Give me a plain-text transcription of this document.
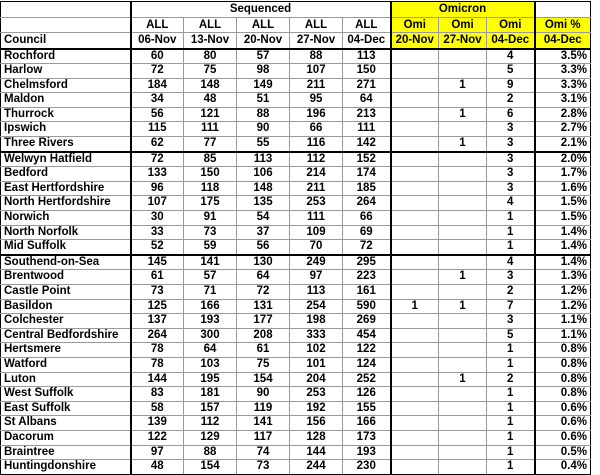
	Sequenced					Omicron			
	ALL	ALL	ALL	ALL	ALL	Omi	Omi	Omi	Omi %
Council	06-Nov	13-Nov	20-Nov	27-Nov	04-Dec	20-Nov	27-Nov	04-Dec	04-Dec
Rochford	60	80	57	88	113			4	3.5%
Harlow	72	75	98	107	150			5	3.3%
Chelmsford	184	148	149	211	271		1	9	3.3%
Maldon	34	48	51	95	64			2	3.1%
Thurrock	56	121	88	196	213		1	6	2.8%
Ipswich	115	111	90	66	111			3	2.7%
Three Rivers	62	77	55	116	142		1	3	2.1%
Welwyn Hatfield	72	85	113	112	152			3	2.0%
Bedford	133	150	106	214	174			3	1.7%
East Hertfordshire	96	118	148	211	185			3	1.6%
North Hertfordshire	107	175	135	253	264			4	1.5%
Norwich	30	91	54	111	66			1	1.5%
North Norfolk	33	73	37	109	69			1	1.4%
Mid Suffolk	52	59	56	70	72			1	1.4%
Southend-on-Sea	145	141	130	249	295			4	1.4%
Brentwood	61	57	64	97	223		1	3	1.3%
Castle Point	73	71	72	113	161			2	1.2%
Basildon	125	166	131	254	590	1	1	7	1.2%
Colchester	137	193	177	198	269			3	1.1%
Central Bedfordshire	264	300	208	333	454			5	1.1%
Hertsmere	78	64	61	102	122			1	0.8%
Watford	78	103	75	101	124			1	0.8%
Luton	144	195	154	204	252		1	2	0.8%
West Suffolk	83	181	90	253	126			1	0.8%
East Suffolk	58	157	119	192	155			1	0.6%
St Albans	139	112	141	156	166			1	0.6%
Dacorum	122	129	117	128	173			1	0.6%
Braintree	97	88	74	144	193			1	0.5%
Huntingdonshire	48	154	73	244	230			1	0.4%
